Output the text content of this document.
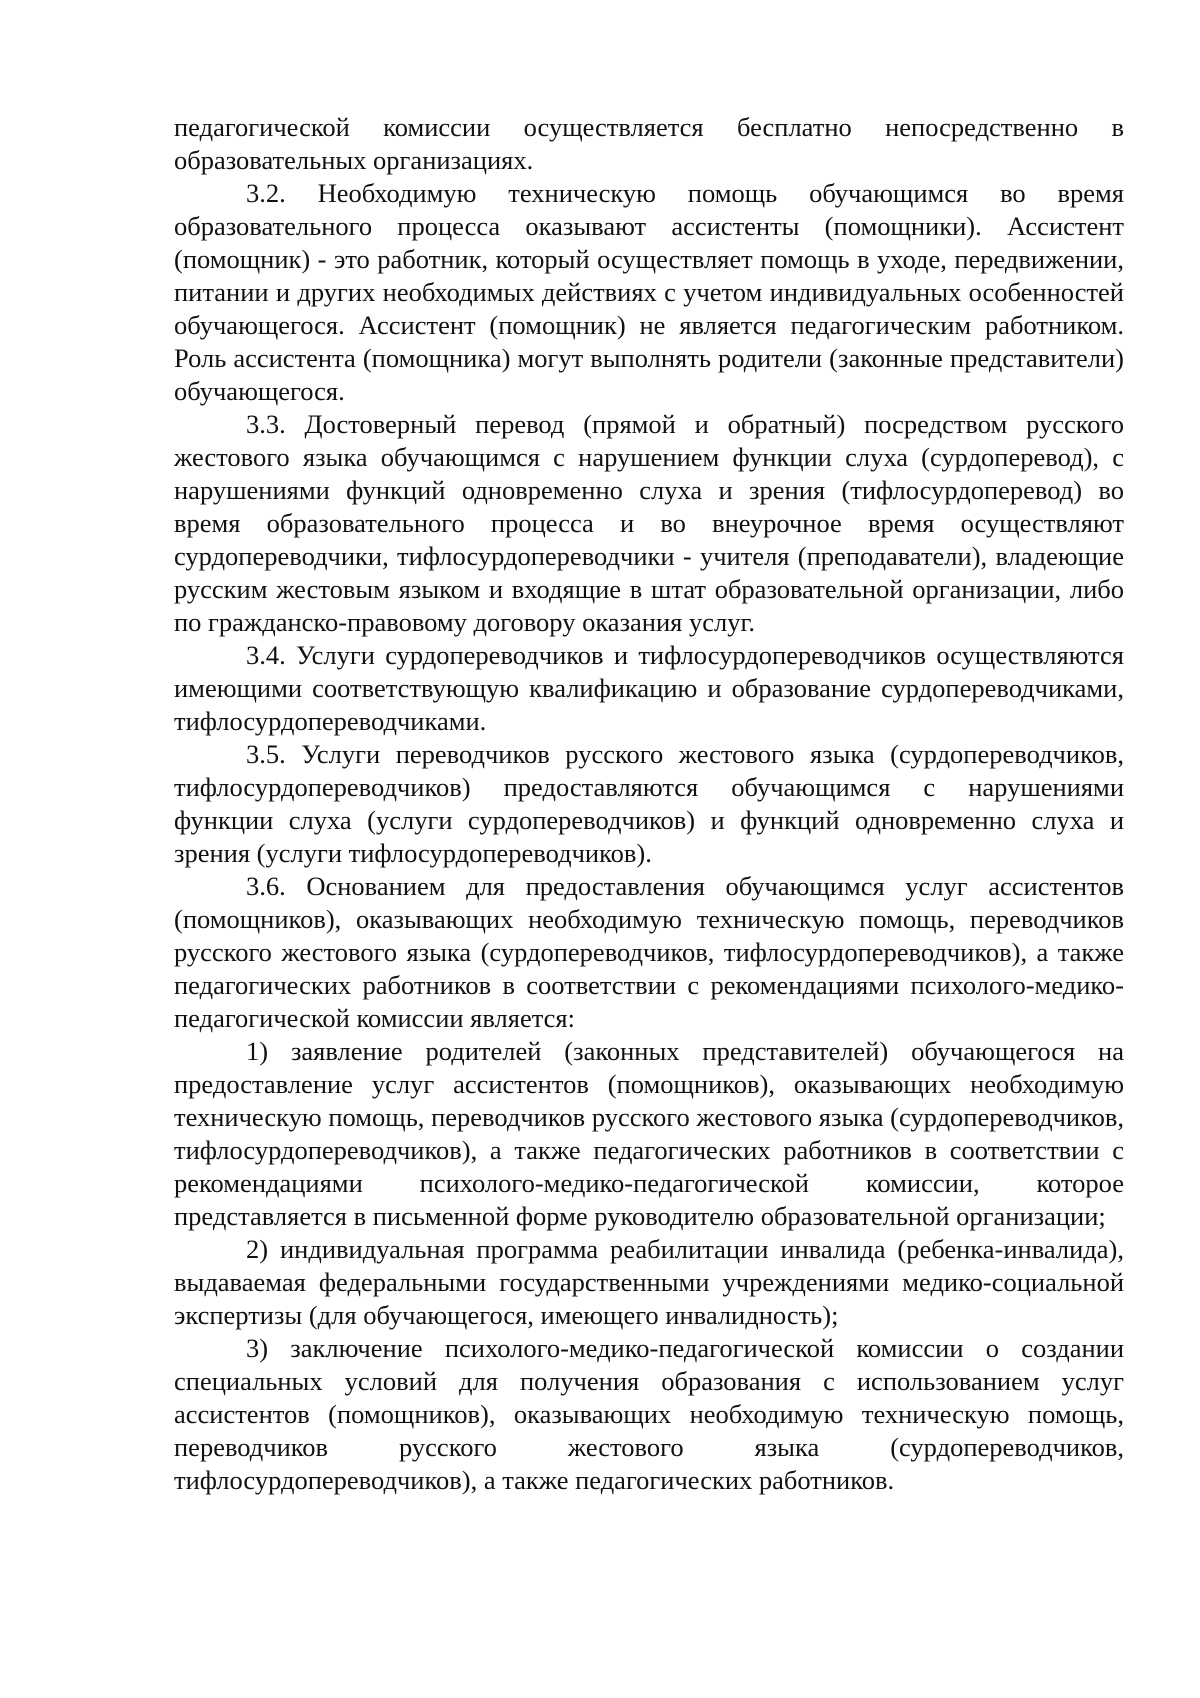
педагогической комиссии осуществляется бесплатно непосредственно в образовательных организациях.

3.2. Необходимую техническую помощь обучающимся во время образовательного процесса оказывают ассистенты (помощники). Ассистент (помощник) - это работник, который осуществляет помощь в уходе, передвижении, питании и других необходимых действиях с учетом индивидуальных особенностей обучающегося. Ассистент (помощник) не является педагогическим работником. Роль ассистента (помощника) могут выполнять родители (законные представители) обучающегося.

3.3. Достоверный перевод (прямой и обратный) посредством русского жестового языка обучающимся с нарушением функции слуха (сурдоперевод), с нарушениями функций одновременно слуха и зрения (тифлосурдоперевод) во время образовательного процесса и во внеурочное время осуществляют сурдопереводчики, тифлосурдопереводчики - учителя (преподаватели), владеющие русским жестовым языком и входящие в штат образовательной организации, либо по гражданско-правовому договору оказания услуг.

3.4. Услуги сурдопереводчиков и тифлосурдопереводчиков осуществляются имеющими соответствующую квалификацию и образование сурдопереводчиками, тифлосурдопереводчиками.

3.5. Услуги переводчиков русского жестового языка (сурдопереводчиков, тифлосурдопереводчиков) предоставляются обучающимся с нарушениями функции слуха (услуги сурдопереводчиков) и функций одновременно слуха и зрения (услуги тифлосурдопереводчиков).

3.6. Основанием для предоставления обучающимся услуг ассистентов (помощников), оказывающих необходимую техническую помощь, переводчиков русского жестового языка (сурдопереводчиков, тифлосурдопереводчиков), а также педагогических работников в соответствии с рекомендациями психолого-медико-педагогической комиссии является:

1) заявление родителей (законных представителей) обучающегося на предоставление услуг ассистентов (помощников), оказывающих необходимую техническую помощь, переводчиков русского жестового языка (сурдопереводчиков, тифлосурдопереводчиков), а также педагогических работников в соответствии с рекомендациями психолого-медико-педагогической комиссии, которое представляется в письменной форме руководителю образовательной организации;

2) индивидуальная программа реабилитации инвалида (ребенка-инвалида), выдаваемая федеральными государственными учреждениями медико-социальной экспертизы (для обучающегося, имеющего инвалидность);

3) заключение психолого-медико-педагогической комиссии о создании специальных условий для получения образования с использованием услуг ассистентов (помощников), оказывающих необходимую техническую помощь, переводчиков русского жестового языка (сурдопереводчиков, тифлосурдопереводчиков), а также педагогических работников.
